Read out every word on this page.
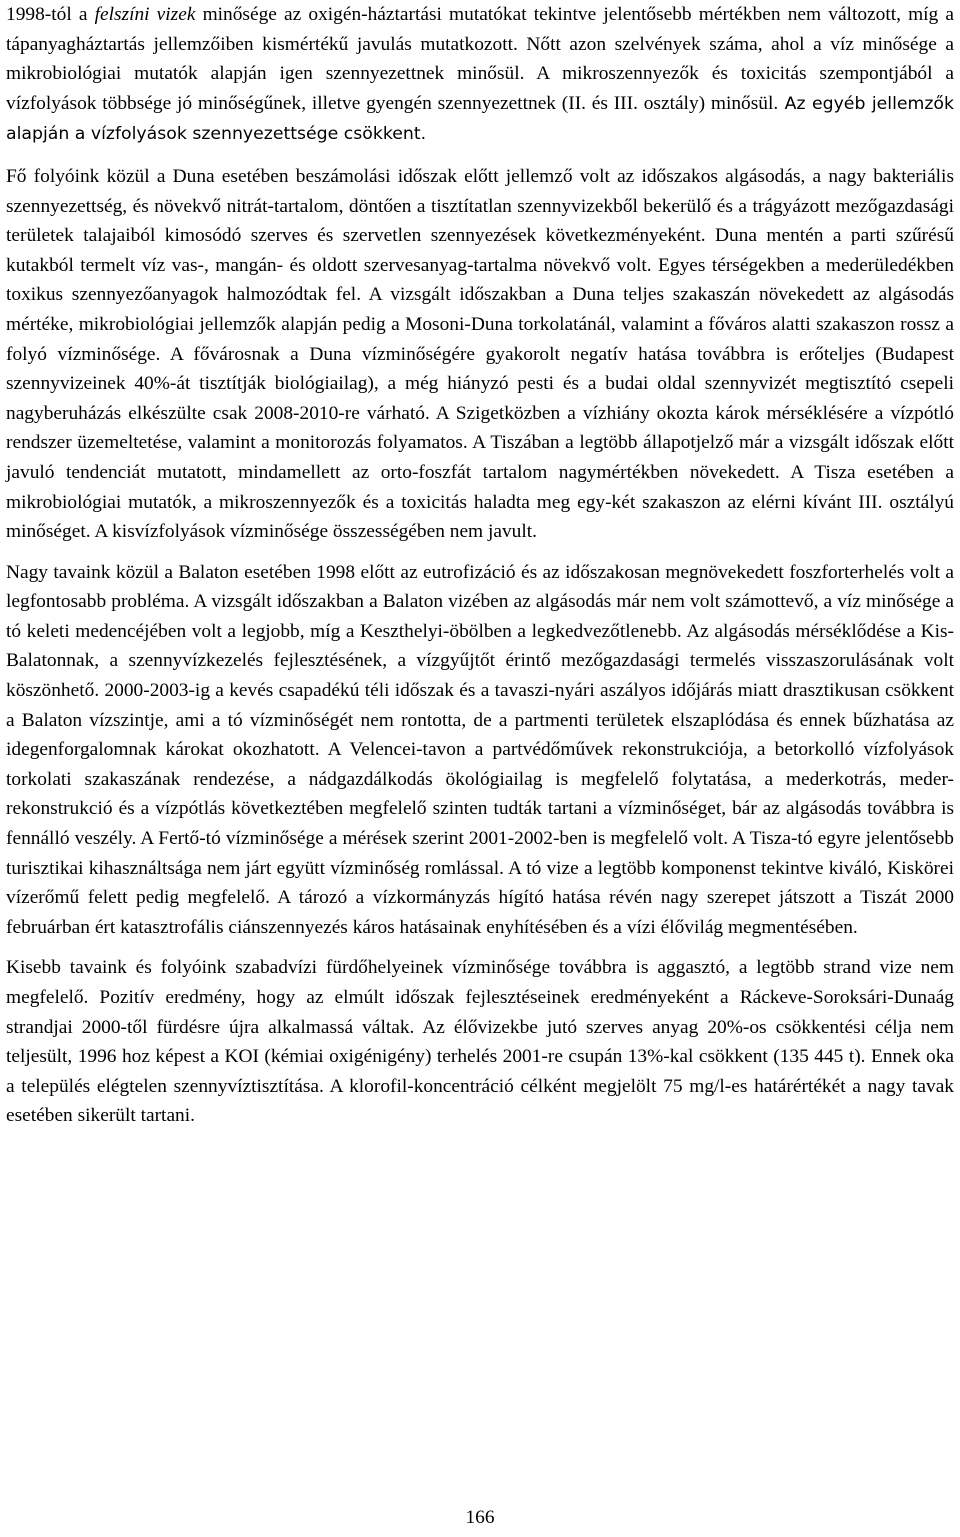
1998-tól a felszíni vizek minősége az oxigén-háztartási mutatókat tekintve jelentősebb mértékben nem változott, míg a tápanyagháztartás jellemzőiben kismértékű javulás mutatkozott. Nőtt azon szelvények száma, ahol a víz minősége a mikrobiológiai mutatók alapján igen szennyezettnek minősül. A mikroszennyezők és toxicitás szempontjából a vízfolyások többsége jó minőségűnek, illetve gyengén szennyezettnek (II. és III. osztály) minősül. Az egyéb jellemzők alapján a vízfolyások szennyezettsége csökkent.

Fő folyóink közül a Duna esetében beszámolási időszak előtt jellemző volt az időszakos algásodás, a nagy bakteriális szennyezettség, és növekvő nitrát-tartalom, döntően a tisztítatlan szennyvizekből bekerülő és a trágyázott mezőgazdasági területek talajaiból kimosódó szerves és szervetlen szennyezések következményeként. Duna mentén a parti szűrésű kutakból termelt víz vas-, mangán- és oldott szervesanyag-tartalma növekvő volt. Egyes térségekben a mederüledékben toxikus szennyezőanyagok halmozódtak fel. A vizsgált időszakban a Duna teljes szakaszán növekedett az algásodás mértéke, mikrobiológiai jellemzők alapján pedig a Mosoni-Duna torkolatánál, valamint a főváros alatti szakaszon rossz a folyó vízminősége. A fővárosnak a Duna vízminőségére gyakorolt negatív hatása továbbra is erőteljes (Budapest szennyvizeinek 40%-át tisztítják biológiailag), a még hiányzó pesti és a budai oldal szennyvizét megtisztító csepeli nagyberuházás elkészülte csak 2008-2010-re várható. A Szigetközben a vízhiány okozta károk mérséklésére a vízpótló rendszer üzemeltetése, valamint a monitorozás folyamatos. A Tiszában a legtöbb állapotjelző már a vizsgált időszak előtt javuló tendenciát mutatott, mindamellett az orto-foszfát tartalom nagymértékben növekedett. A Tisza esetében a mikrobiológiai mutatók, a mikroszennyezők és a toxicitás haladta meg egy-két szakaszon az elérni kívánt III. osztályú minőséget. A kisvízfolyások vízminősége összességében nem javult.

Nagy tavaink közül a Balaton esetében 1998 előtt az eutrofizáció és az időszakosan megnövekedett foszforterhelés volt a legfontosabb probléma. A vizsgált időszakban a Balaton vizében az algásodás már nem volt számottevő, a víz minősége a tó keleti medencéjében volt a legjobb, míg a Keszthelyi-öbölben a legkedvezőtlenebb. Az algásodás mérséklődése a Kis-Balatonnak, a szennyvízkezelés fejlesztésének, a vízgyűjtőt érintő mezőgazdasági termelés visszaszorulásának volt köszönhető. 2000-2003-ig a kevés csapadékú téli időszak és a tavaszi-nyári aszályos időjárás miatt drasztikusan csökkent a Balaton vízszintje, ami a tó vízminőségét nem rontotta, de a partmenti területek elszaplódása és ennek bűzhatása az idegenforgalomnak károkat okozhatott. A Velencei-tavon a partvédőművek rekonstrukciója, a betorkolló vízfolyások torkolati szakaszának rendezése, a nádgazdálkodás ökológiailag is megfelelő folytatása, a mederkotrás, meder-rekonstrukció és a vízpótlás következtében megfelelő szinten tudták tartani a vízminőséget, bár az algásodás továbbra is fennálló veszély. A Fertő-tó vízminősége a mérések szerint 2001-2002-ben is megfelelő volt. A Tisza-tó egyre jelentősebb turisztikai kihasználtsága nem járt együtt vízminőség romlással. A tó vize a legtöbb komponenst tekintve kiváló, Kiskörei vízerőmű felett pedig megfelelő. A tározó a vízkormányzás hígító hatása révén nagy szerepet játszott a Tiszát 2000 februárban ért katasztrofális ciánszennyezés káros hatásainak enyhítésében és a vízi élővilág megmentésében.

Kisebb tavaink és folyóink szabadvízi fürdőhelyeinek vízminősége továbbra is aggasztó, a legtöbb strand vize nem megfelelő. Pozitív eredmény, hogy az elmúlt időszak fejlesztéseinek eredményeként a Ráckeve-Soroksári-Dunaág strandjai 2000-től fürdésre újra alkalmassá váltak. Az élővizekbe jutó szerves anyag 20%-os csökkentési célja nem teljesült, 1996 hoz képest a KOI (kémiai oxigénigény) terhelés 2001-re csupán 13%-kal csökkent (135 445 t). Ennek oka a település elégtelen szennyvíztisztítása. A klorofil-koncentráció célként megjelölt 75 mg/l-es határértékét a nagy tavak esetében sikerült tartani.

166
